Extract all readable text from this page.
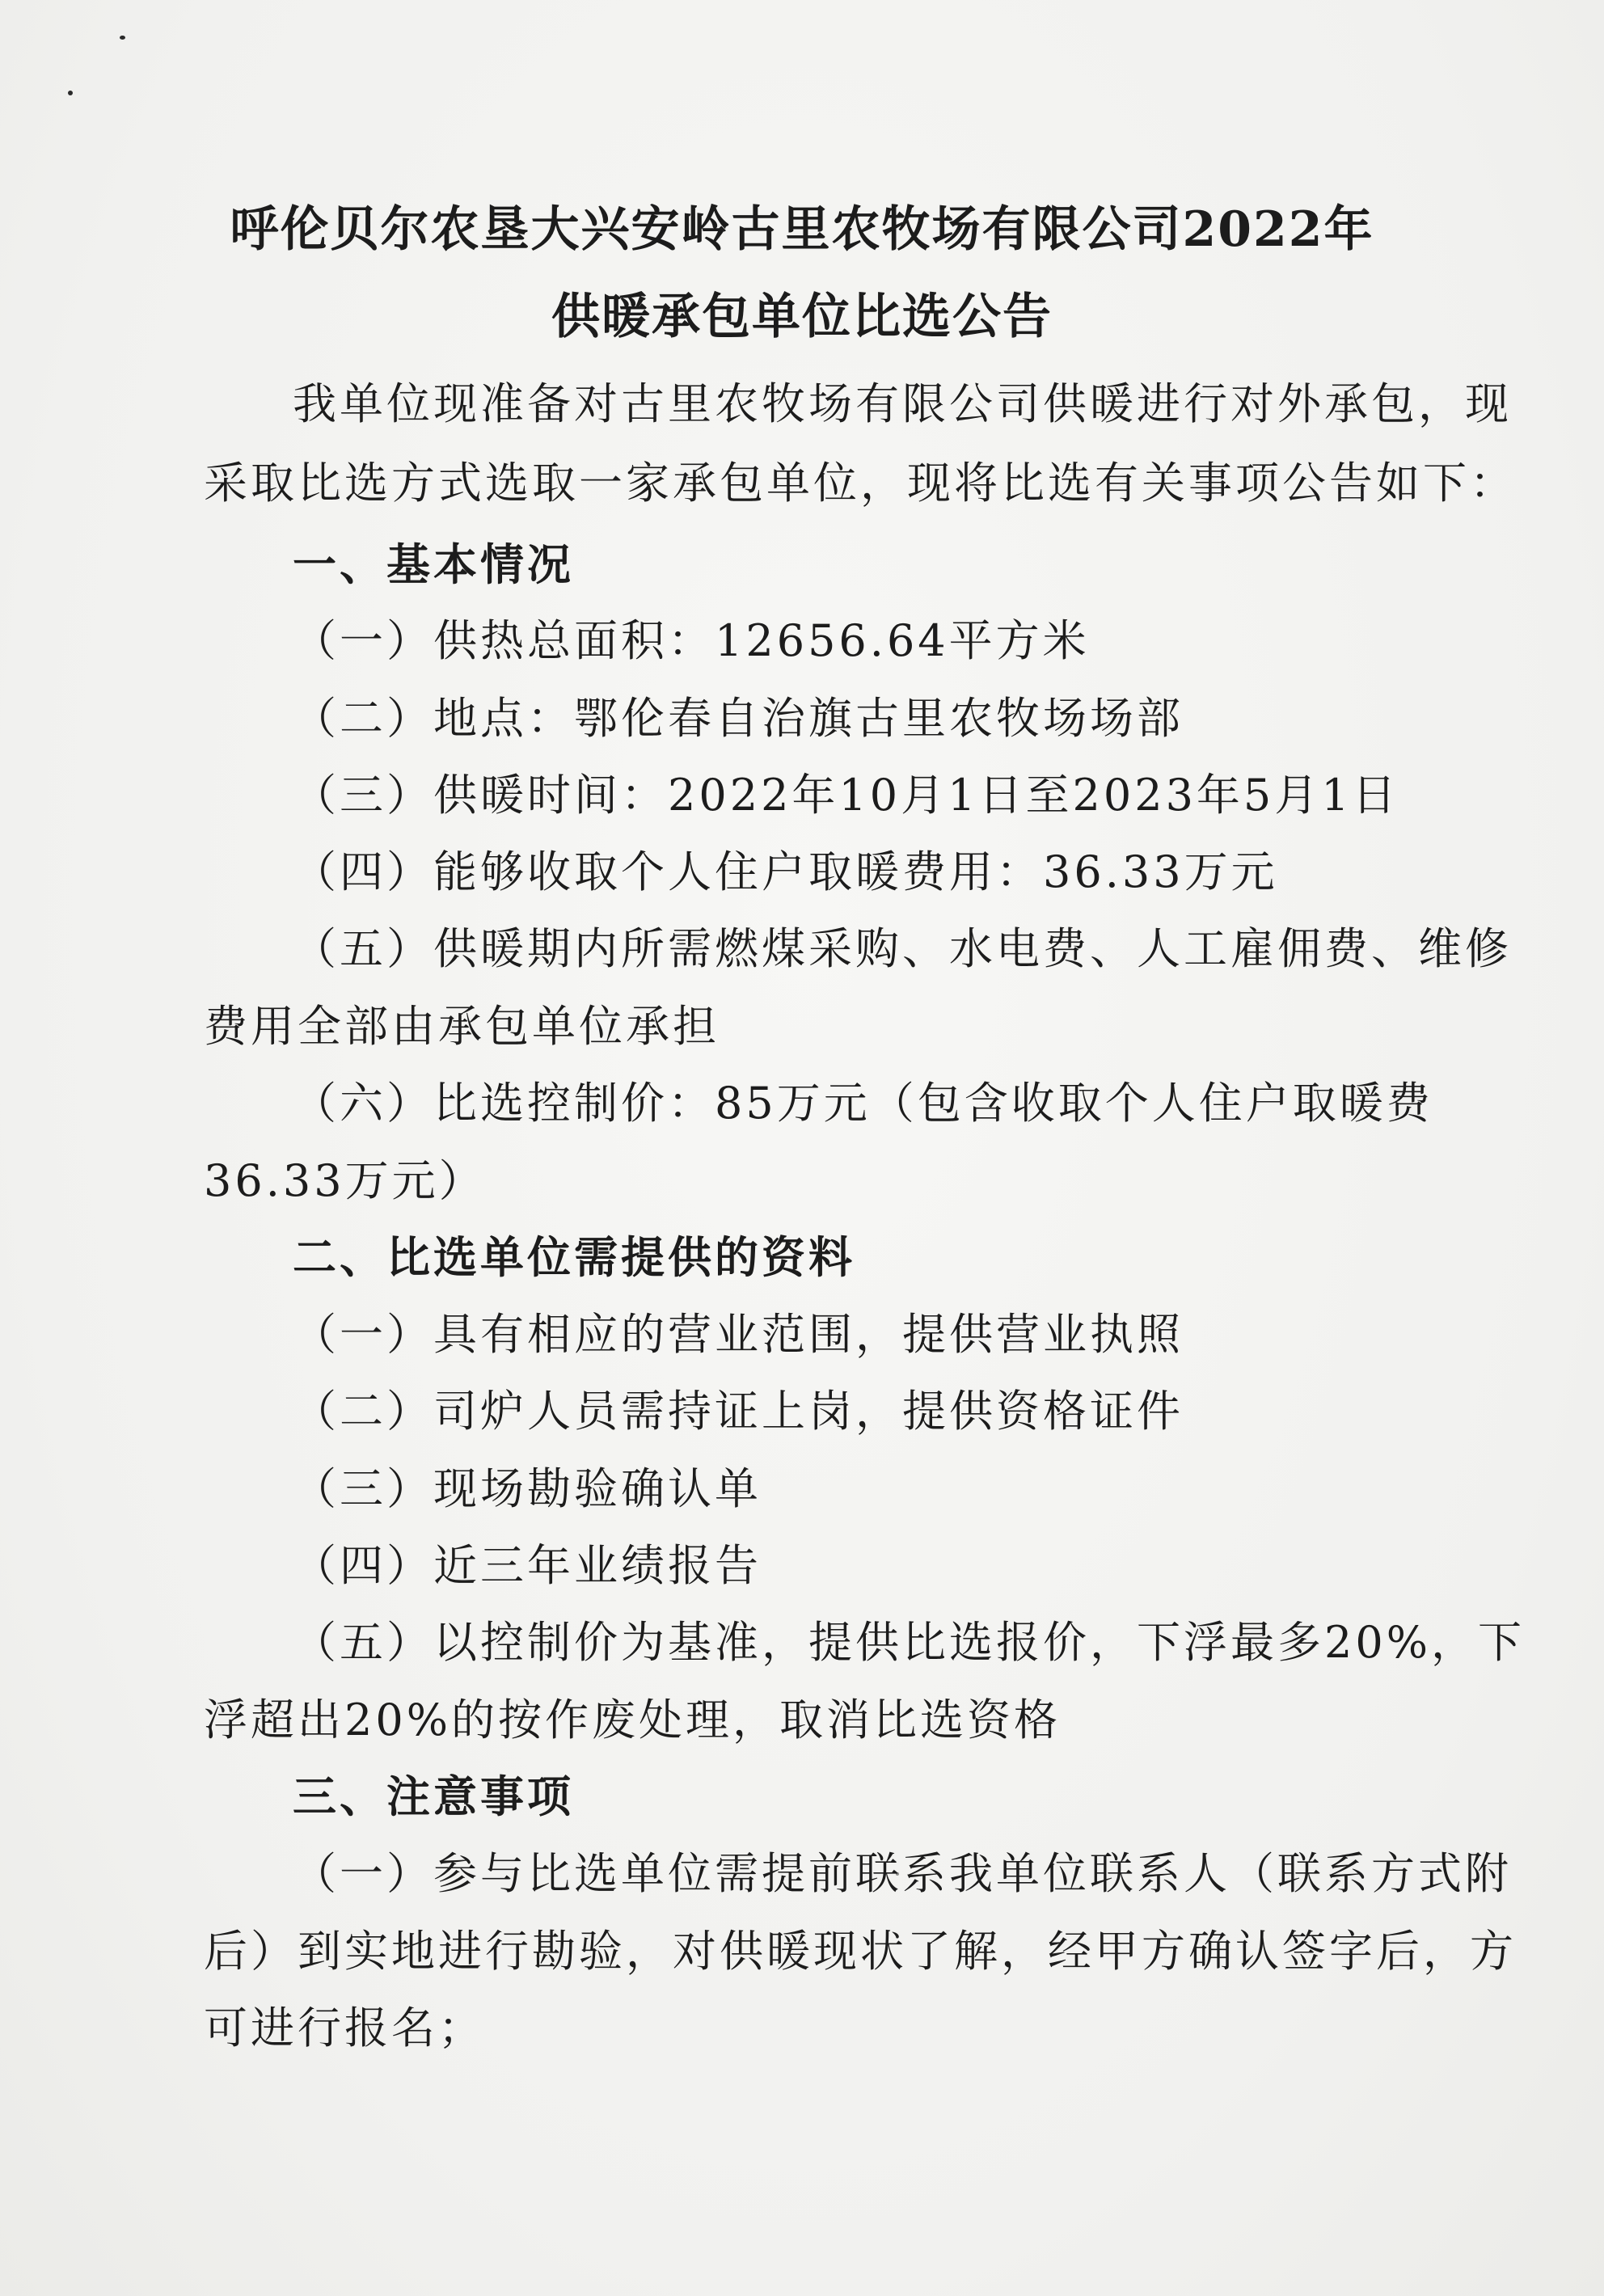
呼伦贝尔农垦大兴安岭古里农牧场有限公司2022年
供暖承包单位比选公告
我单位现准备对古里农牧场有限公司供暖进行对外承包，现
采取比选方式选取一家承包单位，现将比选有关事项公告如下：
一、基本情况
（一）供热总面积：12656.64平方米
（二）地点：鄂伦春自治旗古里农牧场场部
（三）供暖时间：2022年10月1日至2023年5月1日
（四）能够收取个人住户取暖费用：36.33万元
（五）供暖期内所需燃煤采购、水电费、人工雇佣费、维修
费用全部由承包单位承担
（六）比选控制价：85万元（包含收取个人住户取暖费
36.33万元）
二、比选单位需提供的资料
（一）具有相应的营业范围，提供营业执照
（二）司炉人员需持证上岗，提供资格证件
（三）现场勘验确认单
（四）近三年业绩报告
（五）以控制价为基准，提供比选报价，下浮最多20%，下
浮超出20%的按作废处理，取消比选资格
三、注意事项
（一）参与比选单位需提前联系我单位联系人（联系方式附
后）到实地进行勘验，对供暖现状了解，经甲方确认签字后，方
可进行报名；
